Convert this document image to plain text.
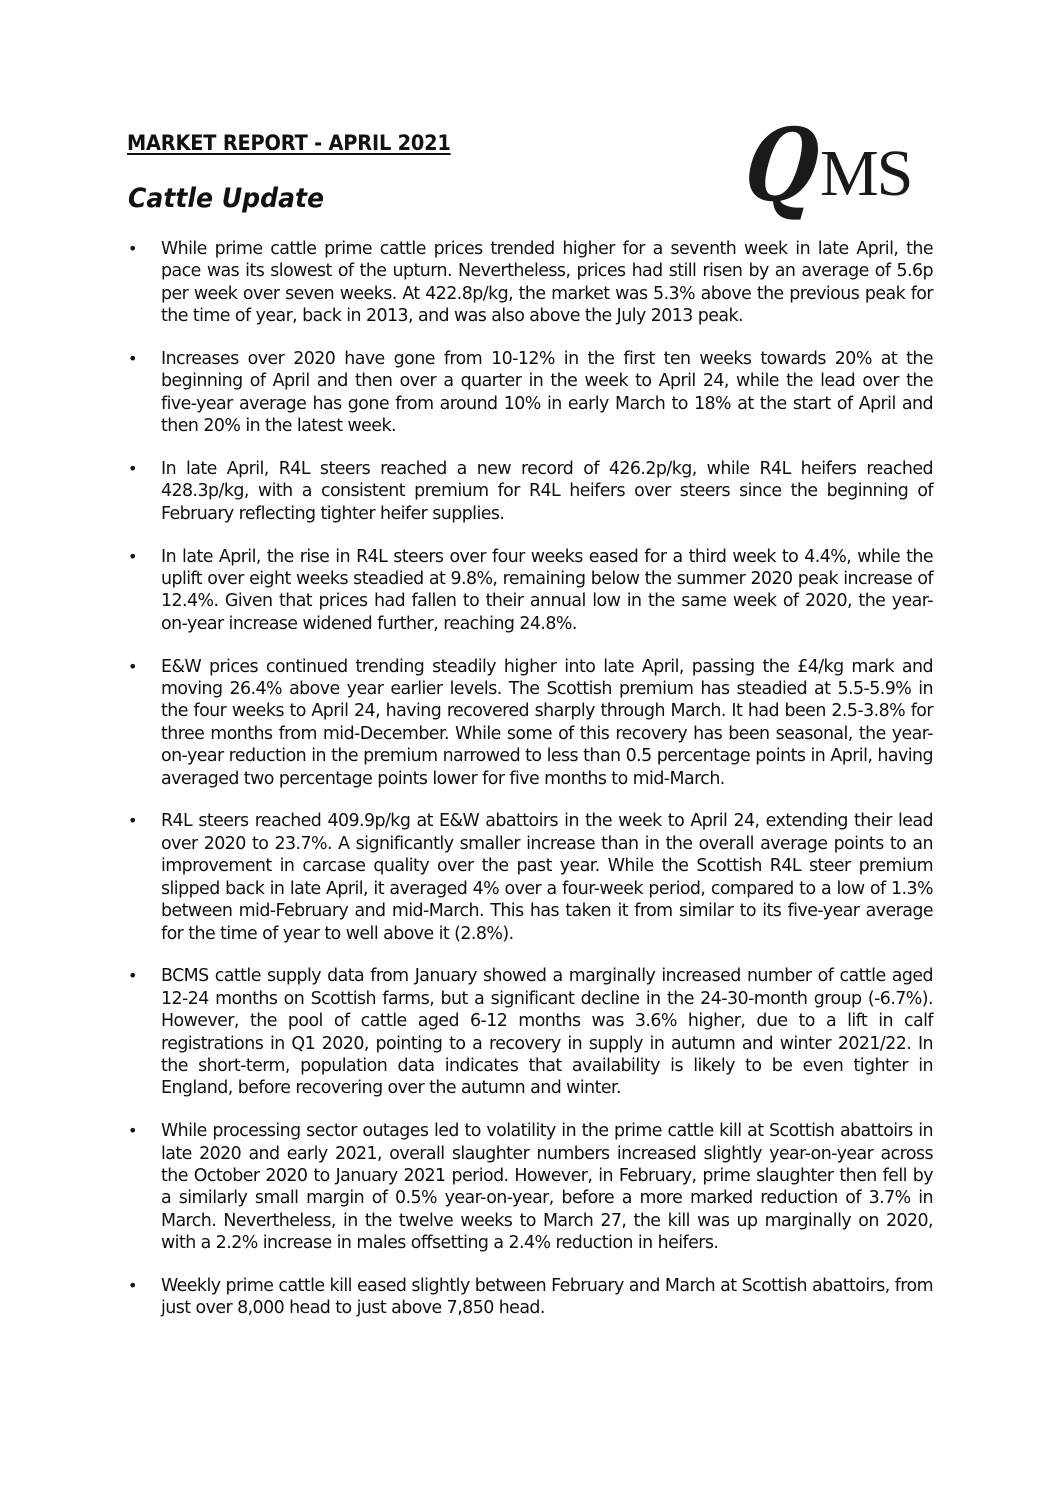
MARKET REPORT - APRIL 2021
Cattle Update	Q
MS
• While prime cattle prime cattle prices trended higher for a seventh week in late April, the pace was its slowest of the upturn. Nevertheless, prices had still risen by an average of 5.6p per week over seven weeks. At 422.8p/kg, the market was 5.3% above the previous peak for the time of year, back in 2013, and was also above the July 2013 peak.
• Increases over 2020 have gone from 10-12% in the first ten weeks towards 20% at the beginning of April and then over a quarter in the week to April 24, while the lead over the five-year average has gone from around 10% in early March to 18% at the start of April and then 20% in the latest week.
• In late April, R4L steers reached a new record of 426.2p/kg, while R4L heifers reached 428.3p/kg, with a consistent premium for R4L heifers over steers since the beginning of February reflecting tighter heifer supplies.
• In late April, the rise in R4L steers over four weeks eased for a third week to 4.4%, while the uplift over eight weeks steadied at 9.8%, remaining below the summer 2020 peak increase of 12.4%. Given that prices had fallen to their annual low in the same week of 2020, the year-on-year increase widened further, reaching 24.8%.
• E&W prices continued trending steadily higher into late April, passing the £4/kg mark and moving 26.4% above year earlier levels. The Scottish premium has steadied at 5.5-5.9% in the four weeks to April 24, having recovered sharply through March. It had been 2.5-3.8% for three months from mid-December. While some of this recovery has been seasonal, the year-on-year reduction in the premium narrowed to less than 0.5 percentage points in April, having averaged two percentage points lower for five months to mid-March.
• R4L steers reached 409.9p/kg at E&W abattoirs in the week to April 24, extending their lead over 2020 to 23.7%. A significantly smaller increase than in the overall average points to an improvement in carcase quality over the past year. While the Scottish R4L steer premium slipped back in late April, it averaged 4% over a four-week period, compared to a low of 1.3% between mid-February and mid-March. This has taken it from similar to its five-year average for the time of year to well above it (2.8%).
• BCMS cattle supply data from January showed a marginally increased number of cattle aged 12-24 months on Scottish farms, but a significant decline in the 24-30-month group (-6.7%). However, the pool of cattle aged 6-12 months was 3.6% higher, due to a lift in calf registrations in Q1 2020, pointing to a recovery in supply in autumn and winter 2021/22. In the short-term, population data indicates that availability is likely to be even tighter in England, before recovering over the autumn and winter.
• While processing sector outages led to volatility in the prime cattle kill at Scottish abattoirs in late 2020 and early 2021, overall slaughter numbers increased slightly year-on-year across the October 2020 to January 2021 period. However, in February, prime slaughter then fell by a similarly small margin of 0.5% year-on-year, before a more marked reduction of 3.7% in March. Nevertheless, in the twelve weeks to March 27, the kill was up marginally on 2020, with a 2.2% increase in males offsetting a 2.4% reduction in heifers.
• Weekly prime cattle kill eased slightly between February and March at Scottish abattoirs, from just over 8,000 head to just above 7,850 head.
